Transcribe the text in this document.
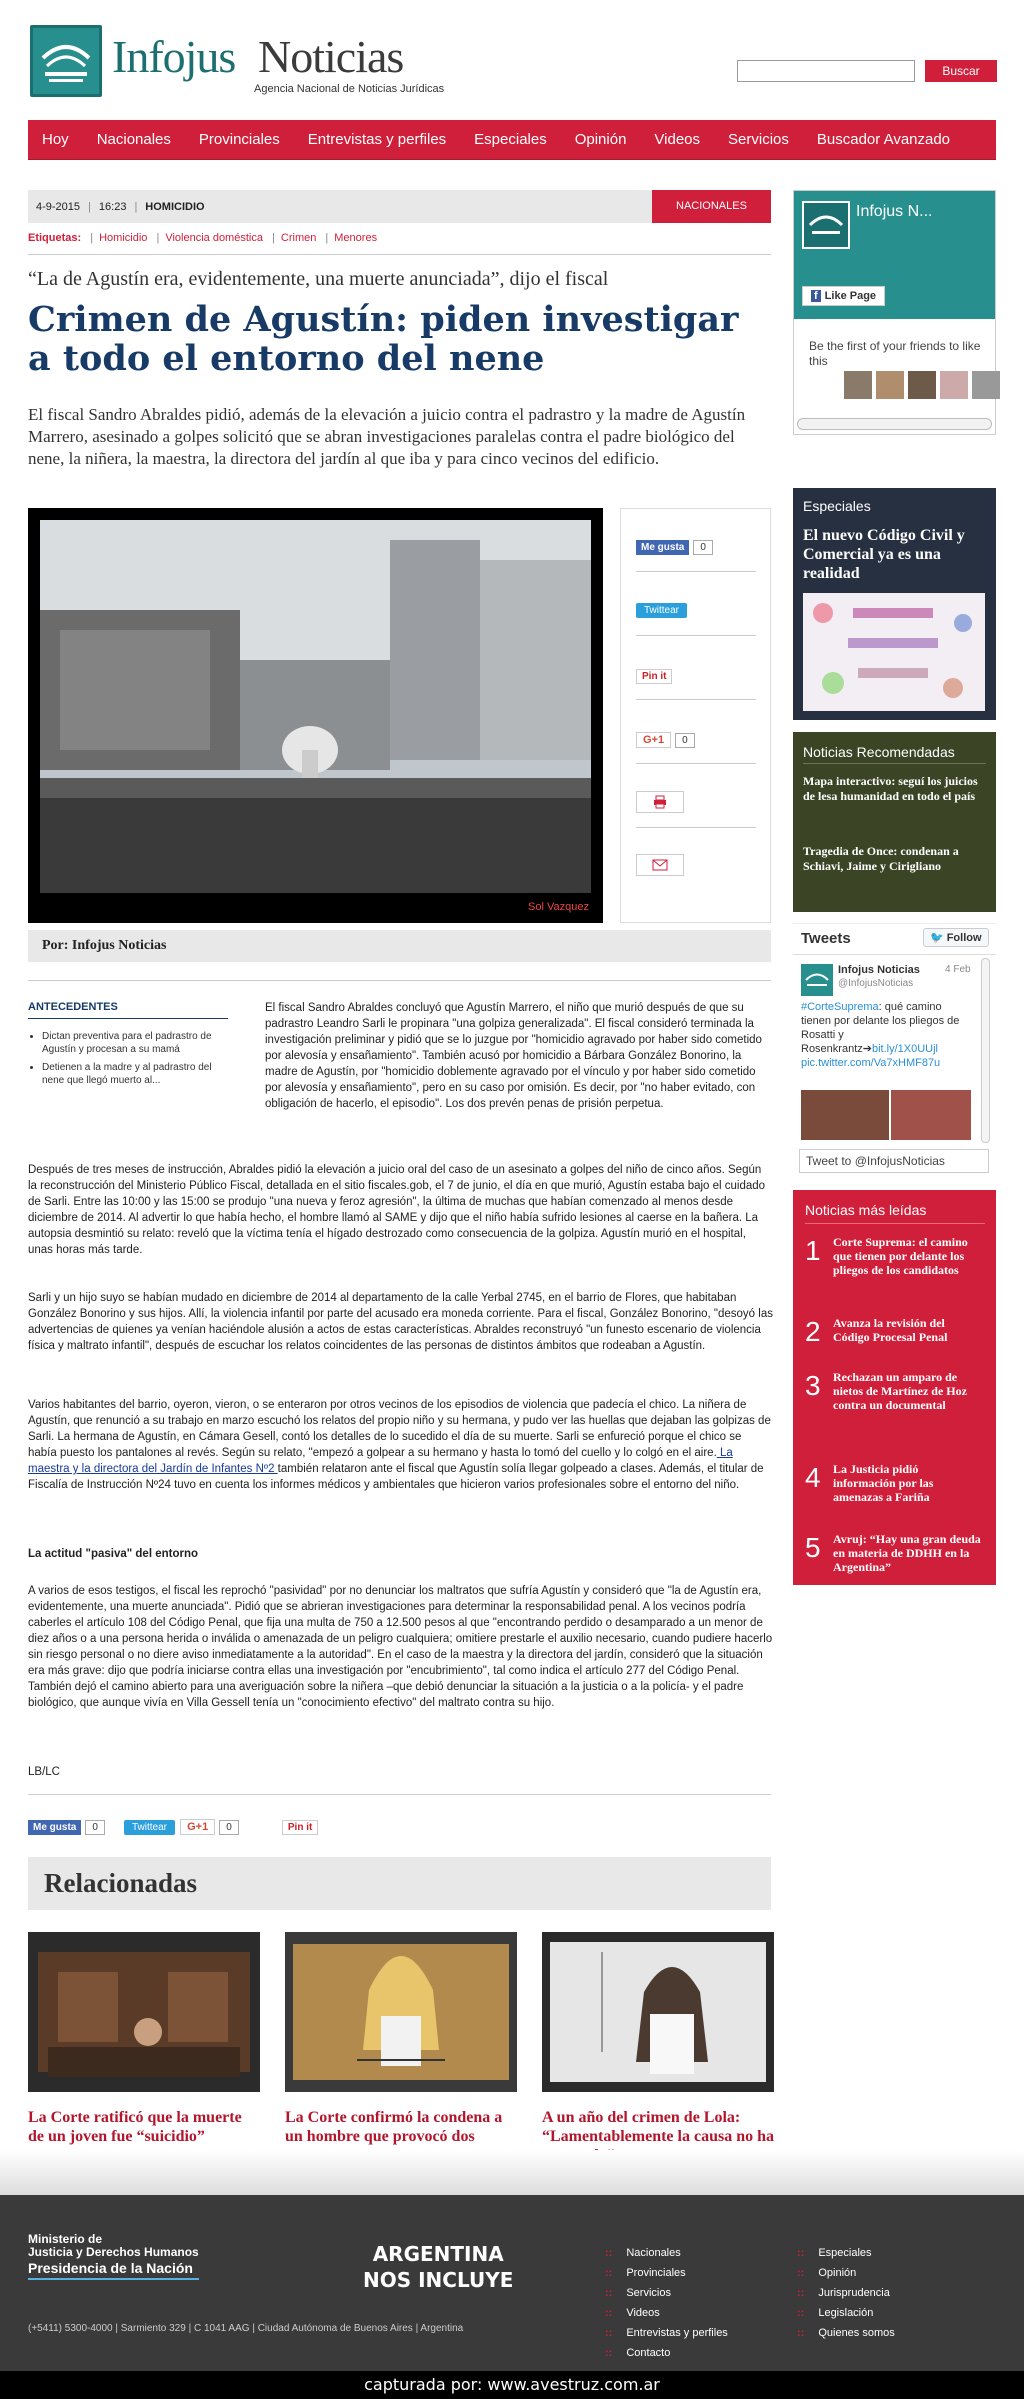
Infojus Noticias
Agencia Nacional de Noticias Jurídicas
Buscar
Hoy Nacionales Provinciales Entrevistas y perfiles Especiales Opinión Videos Servicios Buscador Avanzado
4-9-2015 | 16:23 | HOMICIDIO	NACIONALES
Etiquetas: | Homicidio | Violencia doméstica | Crimen | Menores
“La de Agustín era, evidentemente, una muerte anunciada”, dijo el fiscal
Crimen de Agustín: piden investigar a todo el entorno del nene
El fiscal Sandro Abraldes pidió, además de la elevación a juicio contra el padrastro y la madre de Agustín Marrero, asesinado a golpes solicitó que se abran investigaciones paralelas contra el padre biológico del nene, la niñera, la maestra, la directora del jardín al que iba y para cinco vecinos del edificio.
Sol Vazquez
Me gusta 0
Twittear
Pin it
G+1 0
Por: Infojus Noticias
ANTECEDENTES
• Dictan preventiva para el padrastro de Agustín y procesan a su mamá
• Detienen a la madre y al padrastro del nene que llegó muerto al...
El fiscal Sandro Abraldes concluyó que Agustín Marrero, el niño que murió después de que su padrastro Leandro Sarli le propinara "una golpiza generalizada". El fiscal consideró terminada la investigación preliminar y pidió que se lo juzgue por "homicidio agravado por haber sido cometido por alevosía y ensañamiento". También acusó por homicidio a Bárbara González Bonorino, la madre de Agustín, por "homicidio doblemente agravado por el vínculo y por haber sido cometido por alevosía y ensañamiento", pero en su caso por omisión. Es decir, por "no haber evitado, con obligación de hacerlo, el episodio". Los dos prevén penas de prisión perpetua.
Después de tres meses de instrucción, Abraldes pidió la elevación a juicio oral del caso de un asesinato a golpes del niño de cinco años. Según la reconstrucción del Ministerio Público Fiscal, detallada en el sitio fiscales.gob, el 7 de junio, el día en que murió, Agustín estaba bajo el cuidado de Sarli. Entre las 10:00 y las 15:00 se produjo "una nueva y feroz agresión", la última de muchas que habían comenzado al menos desde diciembre de 2014. Al advertir lo que había hecho, el hombre llamó al SAME y dijo que el niño había sufrido lesiones al caerse en la bañera. La autopsia desmintió su relato: reveló que la víctima tenía el hígado destrozado como consecuencia de la golpiza. Agustín murió en el hospital, unas horas más tarde.
Sarli y un hijo suyo se habían mudado en diciembre de 2014 al departamento de la calle Yerbal 2745, en el barrio de Flores, que habitaban González Bonorino y sus hijos. Allí, la violencia infantil por parte del acusado era moneda corriente. Para el fiscal, González Bonorino, "desoyó las advertencias de quienes ya venían haciéndole alusión a actos de estas características. Abraldes reconstruyó "un funesto escenario de violencia física y maltrato infantil", después de escuchar los relatos coincidentes de las personas de distintos ámbitos que rodeaban a Agustín.
Varios habitantes del barrio, oyeron, vieron, o se enteraron por otros vecinos de los episodios de violencia que padecía el chico. La niñera de Agustín, que renunció a su trabajo en marzo escuchó los relatos del propio niño y su hermana, y pudo ver las huellas que dejaban las golpizas de Sarli. La hermana de Agustín, en Cámara Gesell, contó los detalles de lo sucedido el día de su muerte. Sarli se enfureció porque el chico se había puesto los pantalones al revés. Según su relato, "empezó a golpear a su hermano y hasta lo tomó del cuello y lo colgó en el aire. La maestra y la directora del Jardín de Infantes Nº2 también relataron ante el fiscal que Agustín solía llegar golpeado a clases. Además, el titular de Fiscalía de Instrucción Nº24 tuvo en cuenta los informes médicos y ambientales que hicieron varios profesionales sobre el entorno del niño.
La actitud "pasiva" del entorno
A varios de esos testigos, el fiscal les reprochó "pasividad" por no denunciar los maltratos que sufría Agustín y consideró que "la de Agustín era, evidentemente, una muerte anunciada". Pidió que se abrieran investigaciones para determinar la responsabilidad penal. A los vecinos podría caberles el artículo 108 del Código Penal, que fija una multa de 750 a 12.500 pesos al que "encontrando perdido o desamparado a un menor de diez años o a una persona herida o inválida o amenazada de un peligro cualquiera; omitiere prestarle el auxilio necesario, cuando pudiere hacerlo sin riesgo personal o no diere aviso inmediatamente a la autoridad". En el caso de la maestra y la directora del jardín, consideró que la situación era más grave: dijo que podría iniciarse contra ellas una investigación por "encubrimiento", tal como indica el artículo 277 del Código Penal. También dejó el camino abierto para una averiguación sobre la niñera –que debió denunciar la situación a la justicia o a la policía- y el padre biológico, que aunque vivía en Villa Gessell tenía un "conocimiento efectivo" del maltrato contra su hijo.
LB/LC
Me gusta 0	Twittear G+1 0	Pin it
Relacionadas
La Corte ratificó que la muerte de un joven fue “suicidio”
La Corte confirmó la condena a un hombre que provocó dos
A un año del crimen de Lola: “Lamentablemente la causa no ha
Infojus N...
f Like Page
Be the first of your friends to like this
Especiales
El nuevo Código Civil y Comercial ya es una realidad
Noticias Recomendadas
Mapa interactivo: seguí los juicios de lesa humanidad en todo el país
Tragedia de Once: condenan a Schiavi, Jaime y Cirigliano
Tweets	🐦 Follow
Infojus Noticias
@InfojusNoticias
4 Feb
#CorteSuprema: qué camino tienen por delante los pliegos de Rosatti y Rosenkrantz➔bit.ly/1X0UUjl pic.twitter.com/Va7xHMF87u
Tweet to @InfojusNoticias
Noticias más leídas
1 Corte Suprema: el camino que tienen por delante los pliegos de los candidatos
2 Avanza la revisión del Código Procesal Penal
3 Rechazan un amparo de nietos de Martínez de Hoz contra un documental
4 La Justicia pidió información por las amenazas a Fariña
5 Avruj: “Hay una gran deuda en materia de DDHH en la Argentina”
Ministerio de
Justicia y Derechos Humanos
Presidencia de la Nación
ARGENTINA
NOS INCLUYE
(+5411) 5300-4000 | Sarmiento 329 | C 1041 AAG | Ciudad Autónoma de Buenos Aires | Argentina
:: Nacionales
:: Provinciales
:: Servicios
:: Videos
:: Entrevistas y perfiles
:: Contacto
:: Especiales
:: Opinión
:: Jurisprudencia
:: Legislación
:: Quienes somos
capturada por: www.avestruz.com.ar
